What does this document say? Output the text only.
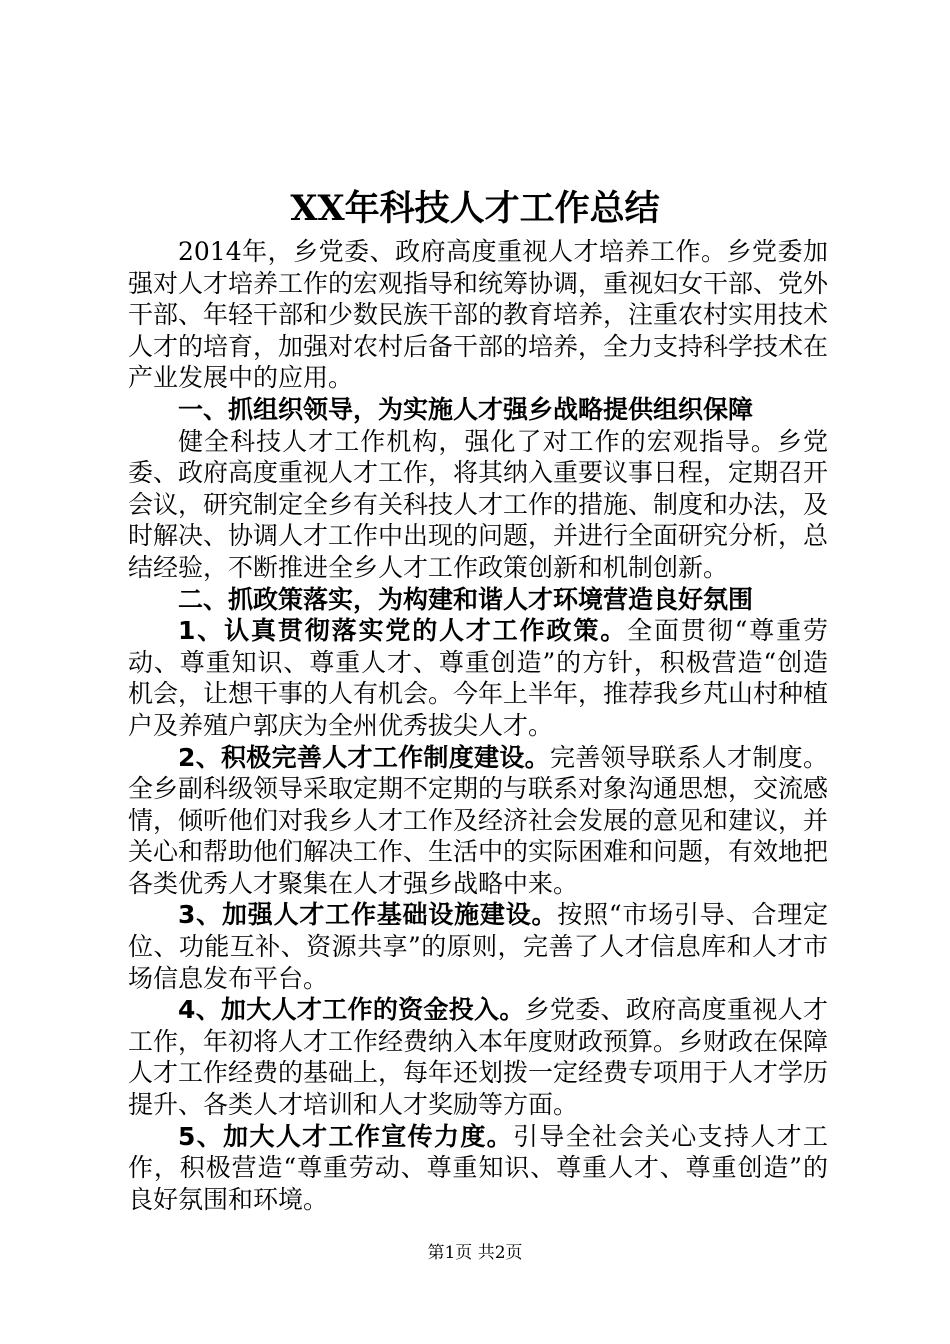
XX年科技人才工作总结

2014年，乡党委、政府高度重视人才培养工作。乡党委加强对人才培养工作的宏观指导和统筹协调，重视妇女干部、党外干部、年轻干部和少数民族干部的教育培养，注重农村实用技术人才的培育，加强对农村后备干部的培养，全力支持科学技术在产业发展中的应用。

一、抓组织领导，为实施人才强乡战略提供组织保障

健全科技人才工作机构，强化了对工作的宏观指导。乡党委、政府高度重视人才工作，将其纳入重要议事日程，定期召开会议，研究制定全乡有关科技人才工作的措施、制度和办法，及时解决、协调人才工作中出现的问题，并进行全面研究分析，总结经验，不断推进全乡人才工作政策创新和机制创新。

二、抓政策落实，为构建和谐人才环境营造良好氛围

1、认真贯彻落实党的人才工作政策。全面贯彻“尊重劳动、尊重知识、尊重人才、尊重创造”的方针，积极营造“创造机会，让想干事的人有机会。今年上半年，推荐我乡芃山村种植户及养殖户郭庆为全州优秀拔尖人才。

2、积极完善人才工作制度建设。完善领导联系人才制度。全乡副科级领导采取定期不定期的与联系对象沟通思想，交流感情，倾听他们对我乡人才工作及经济社会发展的意见和建议，并关心和帮助他们解决工作、生活中的实际困难和问题，有效地把各类优秀人才聚集在人才强乡战略中来。

3、加强人才工作基础设施建设。按照“市场引导、合理定位、功能互补、资源共享”的原则，完善了人才信息库和人才市场信息发布平台。

4、加大人才工作的资金投入。乡党委、政府高度重视人才工作，年初将人才工作经费纳入本年度财政预算。乡财政在保障人才工作经费的基础上，每年还划拨一定经费专项用于人才学历提升、各类人才培训和人才奖励等方面。

5、加大人才工作宣传力度。引导全社会关心支持人才工作，积极营造“尊重劳动、尊重知识、尊重人才、尊重创造”的良好氛围和环境。

第1页 共2页
